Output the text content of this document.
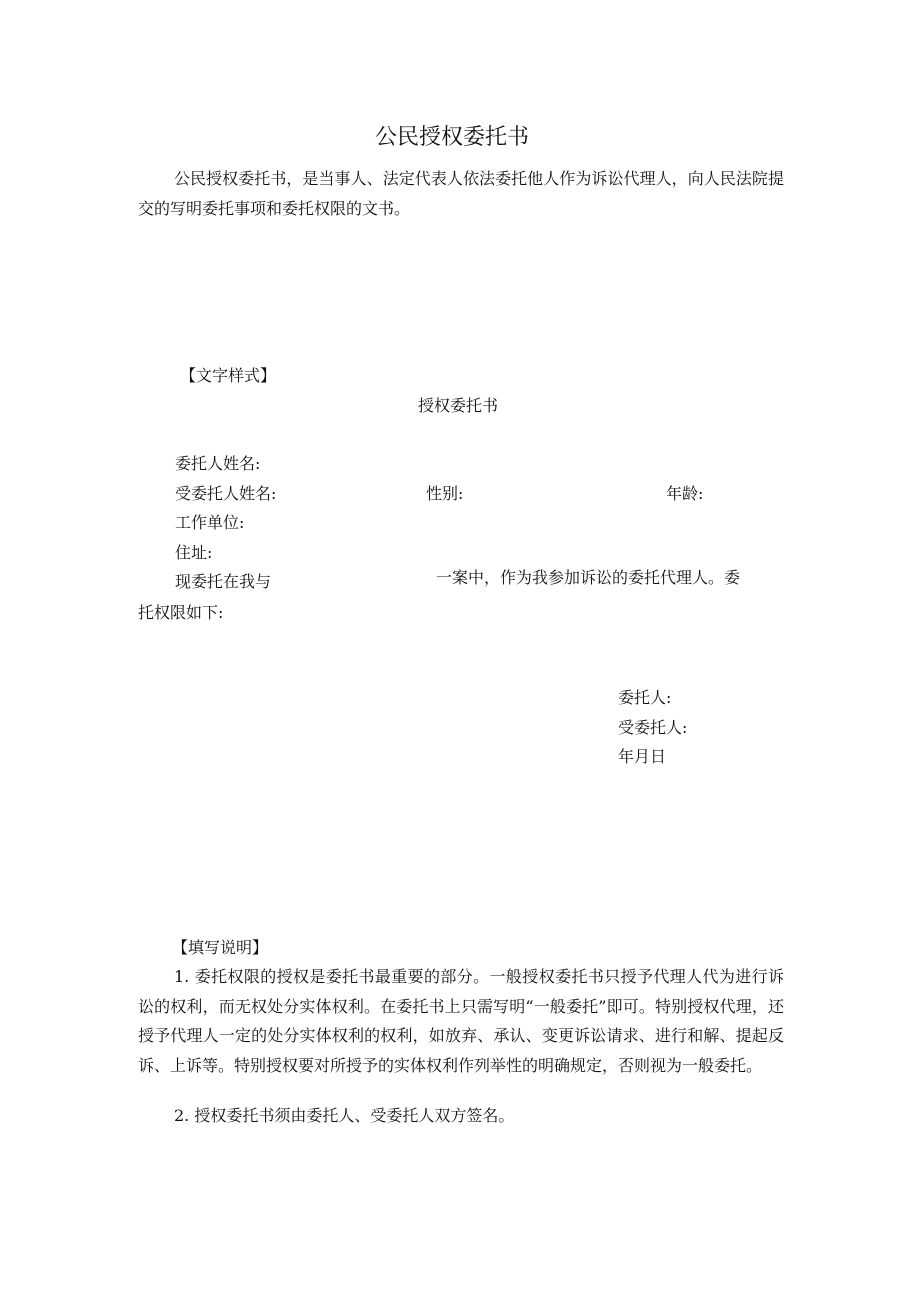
公民授权委托书
公民授权委托书，是当事人、法定代表人依法委托他人作为诉讼代理人，向人民法院提交的写明委托事项和委托权限的文书。
【文字样式】
授权委托书
委托人姓名:
受委托人姓名:	性别:	年龄:
工作单位:
住址:
现委托在我与	一案中，作为我参加诉讼的委托代理人。委
托权限如下:
委托人:
受委托人:
年月日
【填写说明】
1. 委托权限的授权是委托书最重要的部分。一般授权委托书只授予代理人代为进行诉讼的权利，而无权处分实体权利。在委托书上只需写明“一般委托”即可。特别授权代理，还授予代理人一定的处分实体权利的权利，如放弃、承认、变更诉讼请求、进行和解、提起反诉、上诉等。特别授权要对所授予的实体权利作列举性的明确规定，否则视为一般委托。
2. 授权委托书须由委托人、受委托人双方签名。
